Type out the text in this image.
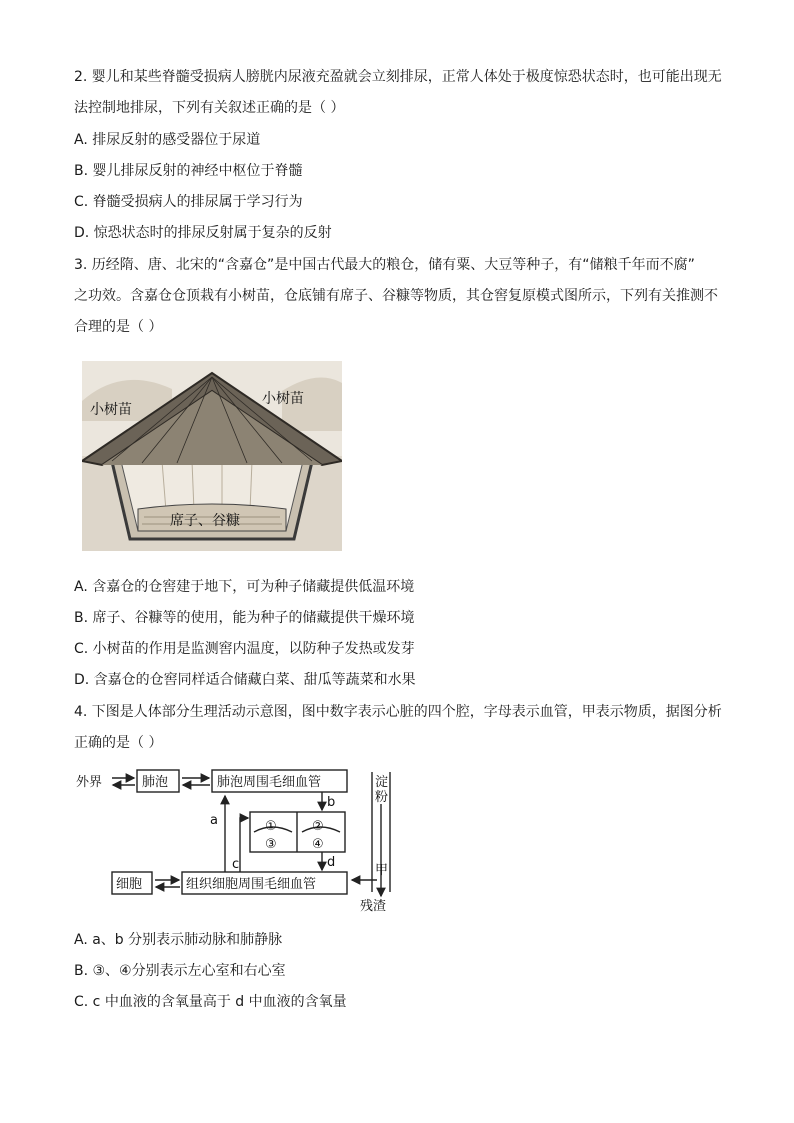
2. 婴儿和某些脊髓受损病人膀胱内尿液充盈就会立刻排尿，正常人体处于极度惊恐状态时，也可能出现无
法控制地排尿，下列有关叙述正确的是（ ）
A. 排尿反射的感受器位于尿道
B. 婴儿排尿反射的神经中枢位于脊髓
C. 脊髓受损病人的排尿属于学习行为
D. 惊恐状态时的排尿反射属于复杂的反射
3. 历经隋、唐、北宋的“含嘉仓”是中国古代最大的粮仓，储有粟、大豆等种子，有“储粮千年而不腐”
之功效。含嘉仓仓顶栽有小树苗，仓底铺有席子、谷糠等物质，其仓窖复原模式图所示，下列有关推测不
合理的是（ ）
小树苗
小树苗
席子、谷糠
A. 含嘉仓的仓窖建于地下，可为种子储藏提供低温环境
B. 席子、谷糠等的使用，能为种子的储藏提供干燥环境
C. 小树苗的作用是监测窖内温度，以防种子发热或发芽
D. 含嘉仓的仓窖同样适合储藏白菜、甜瓜等蔬菜和水果
4. 下图是人体部分生理活动示意图，图中数字表示心脏的四个腔，字母表示血管，甲表示物质，据图分析
正确的是（ ）
外界	肺泡	肺泡周围毛细血管
细胞	组织细胞周围毛细血管
淀
粉
甲
残渣
a
b
c	d
①	②
③	④
A. a、b 分别表示肺动脉和肺静脉
B. ③、④分别表示左心室和右心室
C. c 中血液的含氧量高于 d 中血液的含氧量
